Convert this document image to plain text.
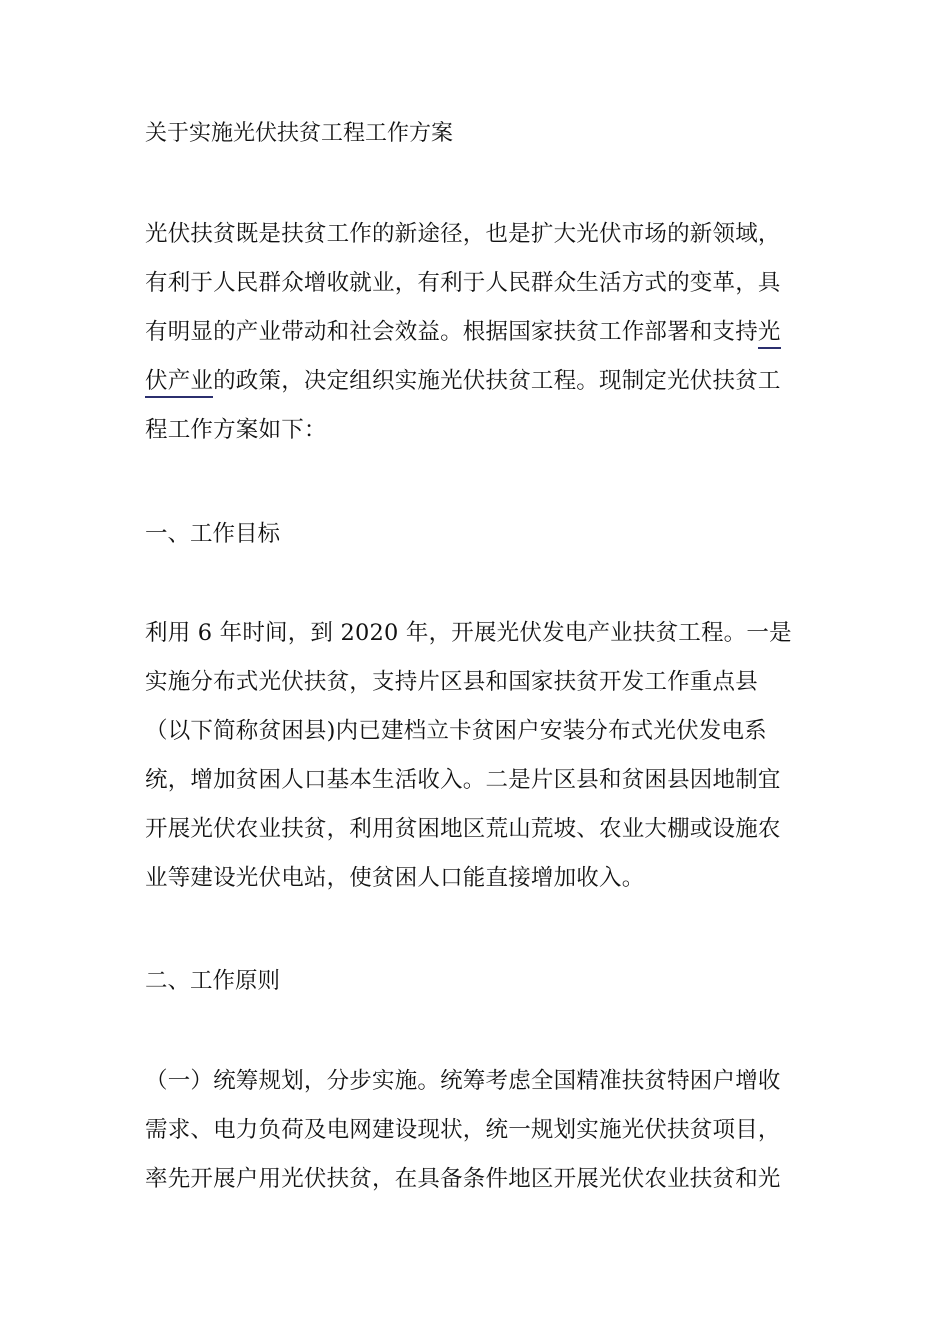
关于实施光伏扶贫工程工作方案
光伏扶贫既是扶贫工作的新途径，也是扩大光伏市场的新领域，
有利于人民群众增收就业，有利于人民群众生活方式的变革，具
有明显的产业带动和社会效益。根据国家扶贫工作部署和支持光
伏产业的政策，决定组织实施光伏扶贫工程。现制定光伏扶贫工
程工作方案如下：
一、工作目标
利用 6 年时间，到 2020 年，开展光伏发电产业扶贫工程。一是
实施分布式光伏扶贫，支持片区县和国家扶贫开发工作重点县
（以下简称贫困县)内已建档立卡贫困户安装分布式光伏发电系
统，增加贫困人口基本生活收入。二是片区县和贫困县因地制宜
开展光伏农业扶贫，利用贫困地区荒山荒坡、农业大棚或设施农
业等建设光伏电站，使贫困人口能直接增加收入。
二、工作原则
（一）统筹规划，分步实施。统筹考虑全国精准扶贫特困户增收
需求、电力负荷及电网建设现状，统一规划实施光伏扶贫项目，
率先开展户用光伏扶贫，在具备条件地区开展光伏农业扶贫和光
